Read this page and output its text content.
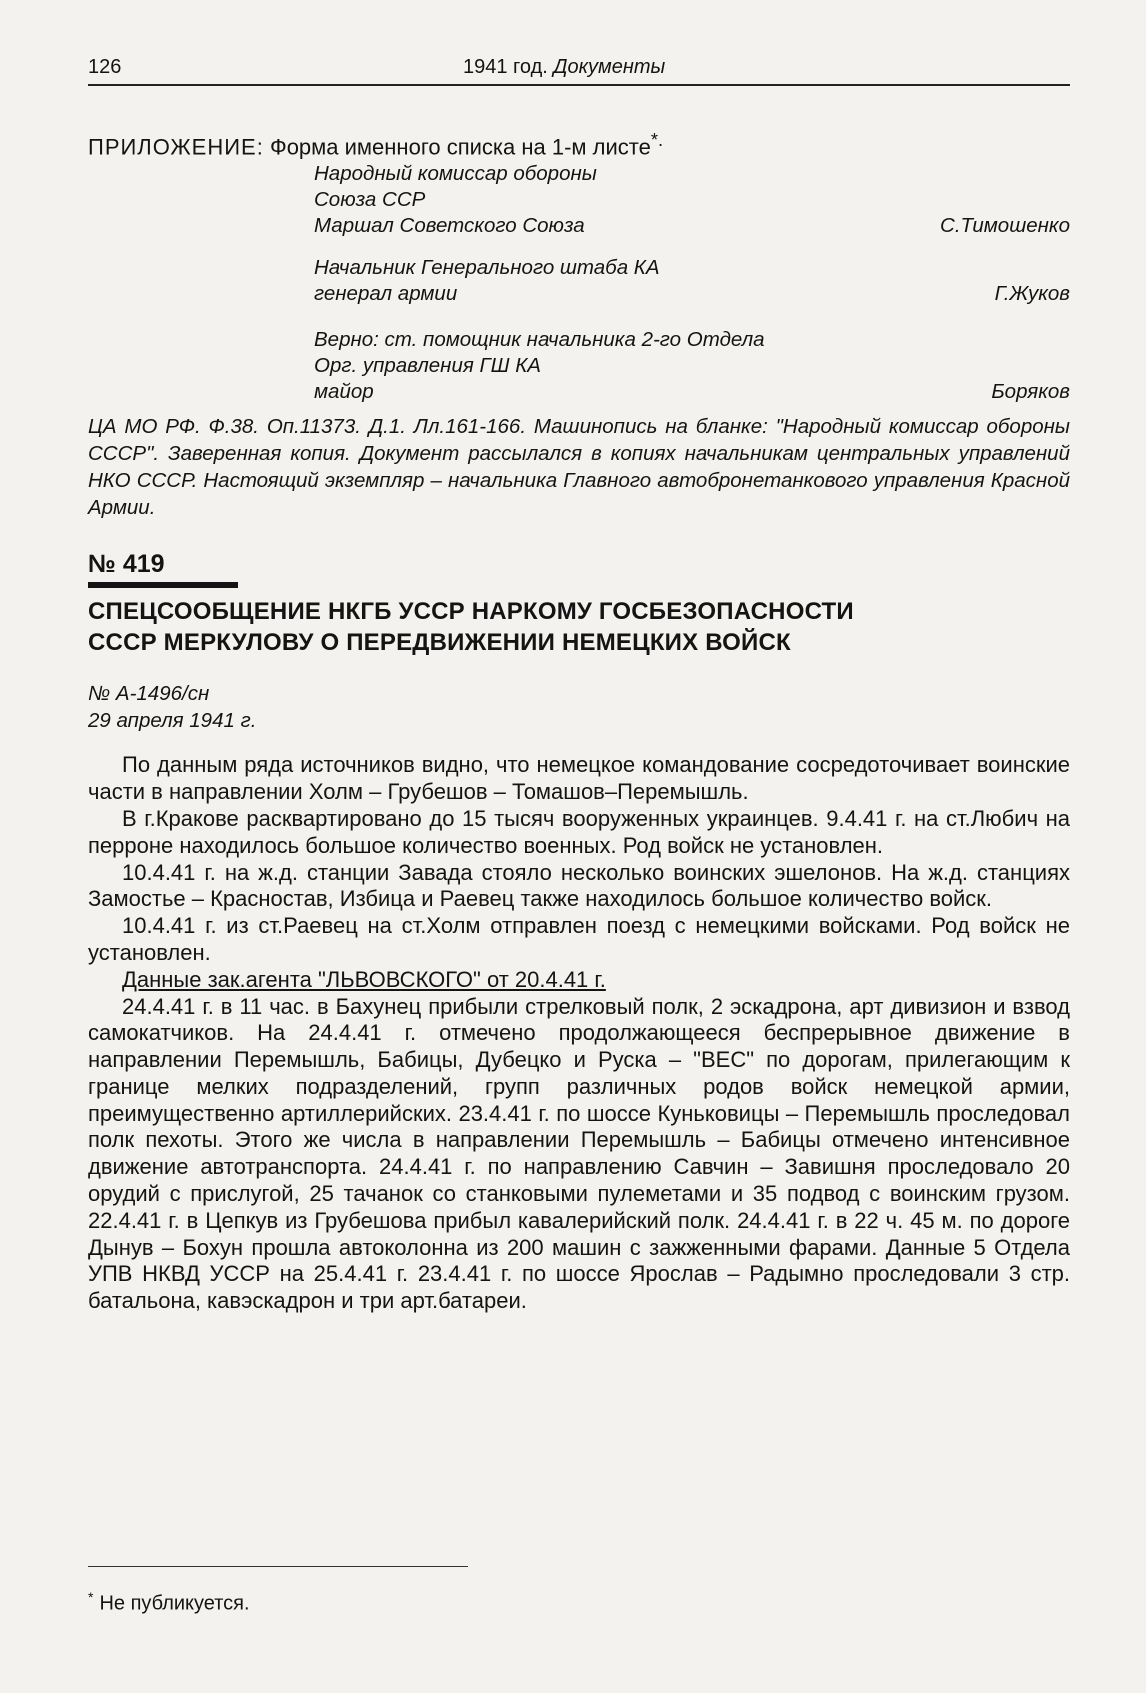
126	1941 год. Документы
ПРИЛОЖЕНИЕ: Форма именного списка на 1-м листе*.
Народный комиссар обороны
Союза ССР
Маршал Советского Союза	С.Тимошенко
Начальник Генерального штаба КА
генерал армии	Г.Жуков
Верно: ст. помощник начальника 2-го Отдела
Орг. управления ГШ КА
майор	Боряков
ЦА МО РФ. Ф.38. Оп.11373. Д.1. Лл.161-166. Машинопись на бланке: "Народный комиссар обороны СССР". Заверенная копия. Документ рассылался в копиях начальникам центральных управлений НКО СССР. Настоящий экземпляр – начальника Главного автобронетанкового управления Красной Армии.
№ 419
СПЕЦСООБЩЕНИЕ НКГБ УССР НАРКОМУ ГОСБЕЗОПАСНОСТИ
СССР МЕРКУЛОВУ О ПЕРЕДВИЖЕНИИ НЕМЕЦКИХ ВОЙСК
№ А-1496/сн
29 апреля 1941 г.

По данным ряда источников видно, что немецкое командование сосредоточивает воинские части в направлении Холм – Грубешов – Томашов–Перемышль.

В г.Кракове расквартировано до 15 тысяч вооруженных украинцев. 9.4.41 г. на ст.Любич на перроне находилось большое количество военных. Род войск не установлен.

10.4.41 г. на ж.д. станции Завада стояло несколько воинских эшелонов. На ж.д. станциях Замостье – Красностав, Избица и Раевец также находилось большое количество войск.

10.4.41 г. из ст.Раевец на ст.Холм отправлен поезд с немецкими войсками. Род войск не установлен.

Данные зак.агента "ЛЬВОВСКОГО" от 20.4.41 г.

24.4.41 г. в 11 час. в Бахунец прибыли стрелковый полк, 2 эскадрона, арт дивизион и взвод самокатчиков. На 24.4.41 г. отмечено продолжающееся беспрерывное движение в направлении Перемышль, Бабицы, Дубецко и Руска – "ВЕС" по дорогам, прилегающим к границе мелких подразделений, групп различных родов войск немецкой армии, преимущественно артиллерийских. 23.4.41 г. по шоссе Куньковицы – Перемышль проследовал полк пехоты. Этого же числа в направлении Перемышль – Бабицы отмечено интенсивное движение автотранспорта. 24.4.41 г. по направлению Савчин – Завишня проследовало 20 орудий с прислугой, 25 тачанок со станковыми пулеметами и 35 подвод с воинским грузом. 22.4.41 г. в Цепкув из Грубешова прибыл кавалерийский полк. 24.4.41 г. в 22 ч. 45 м. по дороге Дынув – Бохун прошла автоколонна из 200 машин с зажженными фарами. Данные 5 Отдела УПВ НКВД УССР на 25.4.41 г. 23.4.41 г. по шоссе Ярослав – Радымно проследовали 3 стр. батальона, кавэскадрон и три арт.батареи.

* Не публикуется.
